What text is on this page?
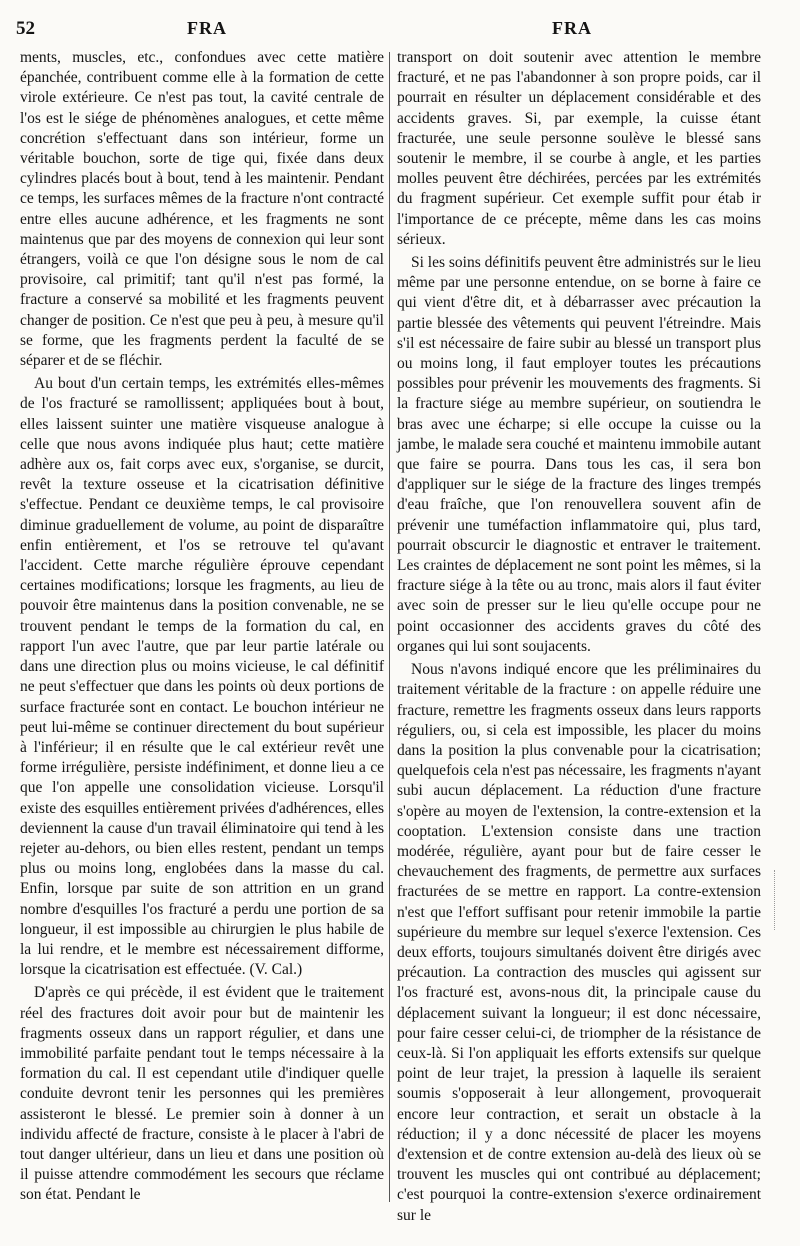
52	FRA	FRA

ments, muscles, etc., confondues avec cette matière épanchée, contribuent comme elle à la formation de cette virole extérieure. Ce n'est pas tout, la cavité centrale de l'os est le siége de phénomènes analogues, et cette même concrétion s'effectuant dans son intérieur, forme un véritable bouchon, sorte de tige qui, fixée dans deux cylindres placés bout à bout, tend à les maintenir. Pendant ce temps, les surfaces mêmes de la fracture n'ont contracté entre elles aucune adhérence, et les fragments ne sont maintenus que par des moyens de connexion qui leur sont étrangers, voilà ce que l'on désigne sous le nom de cal provisoire, cal primitif; tant qu'il n'est pas formé, la fracture a conservé sa mobilité et les fragments peuvent changer de position. Ce n'est que peu à peu, à mesure qu'il se forme, que les fragments perdent la faculté de se séparer et de se fléchir.

Au bout d'un certain temps, les extrémités elles-mêmes de l'os fracturé se ramollissent; appliquées bout à bout, elles laissent suinter une matière visqueuse analogue à celle que nous avons indiquée plus haut; cette matière adhère aux os, fait corps avec eux, s'organise, se durcit, revêt la texture osseuse et la cicatrisation définitive s'effectue. Pendant ce deuxième temps, le cal provisoire diminue graduellement de volume, au point de disparaître enfin entièrement, et l'os se retrouve tel qu'avant l'accident. Cette marche régulière éprouve cependant certaines modifications; lorsque les fragments, au lieu de pouvoir être maintenus dans la position convenable, ne se trouvent pendant le temps de la formation du cal, en rapport l'un avec l'autre, que par leur partie latérale ou dans une direction plus ou moins vicieuse, le cal définitif ne peut s'effectuer que dans les points où deux portions de surface fracturée sont en contact. Le bouchon intérieur ne peut lui-même se continuer directement du bout supérieur à l'inférieur; il en résulte que le cal extérieur revêt une forme irrégulière, persiste indéfiniment, et donne lieu a ce que l'on appelle une consolidation vicieuse. Lorsqu'il existe des esquilles entièrement privées d'adhérences, elles deviennent la cause d'un travail éliminatoire qui tend à les rejeter au-dehors, ou bien elles restent, pendant un temps plus ou moins long, englobées dans la masse du cal. Enfin, lorsque par suite de son attrition en un grand nombre d'esquilles l'os fracturé a perdu une portion de sa longueur, il est impossible au chirurgien le plus habile de la lui rendre, et le membre est nécessairement difforme, lorsque la cicatrisation est effectuée. (V. Cal.)

D'après ce qui précède, il est évident que le traitement réel des fractures doit avoir pour but de maintenir les fragments osseux dans un rapport régulier, et dans une immobilité parfaite pendant tout le temps nécessaire à la formation du cal. Il est cependant utile d'indiquer quelle conduite devront tenir les personnes qui les premières assisteront le blessé. Le premier soin à donner à un individu affecté de fracture, consiste à le placer à l'abri de tout danger ultérieur, dans un lieu et dans une position où il puisse attendre commodément les secours que réclame son état. Pendant le

transport on doit soutenir avec attention le membre fracturé, et ne pas l'abandonner à son propre poids, car il pourrait en résulter un déplacement considérable et des accidents graves. Si, par exemple, la cuisse étant fracturée, une seule personne soulève le blessé sans soutenir le membre, il se courbe à angle, et les parties molles peuvent être déchirées, percées par les extrémités du fragment supérieur. Cet exemple suffit pour étab ir l'importance de ce précepte, même dans les cas moins sérieux.

Si les soins définitifs peuvent être administrés sur le lieu même par une personne entendue, on se borne à faire ce qui vient d'être dit, et à débarrasser avec précaution la partie blessée des vêtements qui peuvent l'étreindre. Mais s'il est nécessaire de faire subir au blessé un transport plus ou moins long, il faut employer toutes les précautions possibles pour prévenir les mouvements des fragments. Si la fracture siége au membre supérieur, on soutiendra le bras avec une écharpe; si elle occupe la cuisse ou la jambe, le malade sera couché et maintenu immobile autant que faire se pourra. Dans tous les cas, il sera bon d'appliquer sur le siége de la fracture des linges trempés d'eau fraîche, que l'on renouvellera souvent afin de prévenir une tuméfaction inflammatoire qui, plus tard, pourrait obscurcir le diagnostic et entraver le traitement. Les craintes de déplacement ne sont point les mêmes, si la fracture siége à la tête ou au tronc, mais alors il faut éviter avec soin de presser sur le lieu qu'elle occupe pour ne point occasionner des accidents graves du côté des organes qui lui sont soujacents.

Nous n'avons indiqué encore que les préliminaires du traitement véritable de la fracture : on appelle réduire une fracture, remettre les fragments osseux dans leurs rapports réguliers, ou, si cela est impossible, les placer du moins dans la position la plus convenable pour la cicatrisation; quelquefois cela n'est pas nécessaire, les fragments n'ayant subi aucun déplacement. La réduction d'une fracture s'opère au moyen de l'extension, la contre-extension et la cooptation. L'extension consiste dans une traction modérée, régulière, ayant pour but de faire cesser le chevauchement des fragments, de permettre aux surfaces fracturées de se mettre en rapport. La contre-extension n'est que l'effort suffisant pour retenir immobile la partie supérieure du membre sur lequel s'exerce l'extension. Ces deux efforts, toujours simultanés doivent être dirigés avec précaution. La contraction des muscles qui agissent sur l'os fracturé est, avons-nous dit, la principale cause du déplacement suivant la longueur; il est donc nécessaire, pour faire cesser celui-ci, de triompher de la résistance de ceux-là. Si l'on appliquait les efforts extensifs sur quelque point de leur trajet, la pression à laquelle ils seraient soumis s'opposerait à leur allongement, provoquerait encore leur contraction, et serait un obstacle à la réduction; il y a donc nécessité de placer les moyens d'extension et de contre extension au-delà des lieux où se trouvent les muscles qui ont contribué au déplacement; c'est pourquoi la contre-extension s'exerce ordinairement sur le
